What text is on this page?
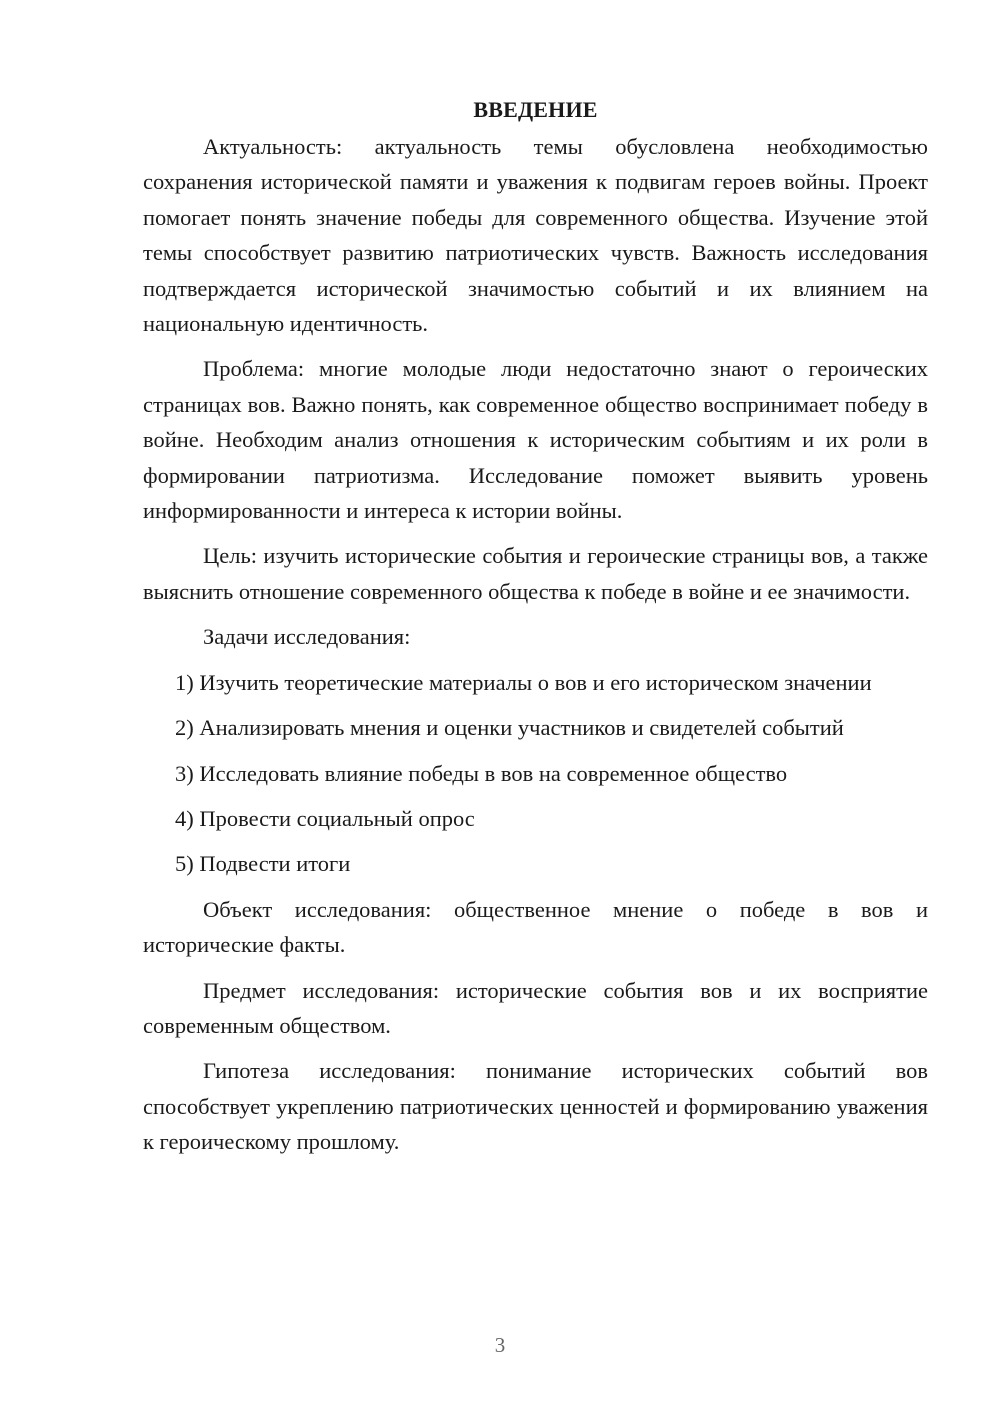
ВВЕДЕНИЕ

Актуальность: актуальность темы обусловлена необходимостью сохранения исторической памяти и уважения к подвигам героев войны. Проект помогает понять значение победы для современного общества. Изучение этой темы способствует развитию патриотических чувств. Важность исследования подтверждается исторической значимостью событий и их влиянием на национальную идентичность.

Проблема: многие молодые люди недостаточно знают о героических страницах вов. Важно понять, как современное общество воспринимает победу в войне. Необходим анализ отношения к историческим событиям и их роли в формировании патриотизма. Исследование поможет выявить уровень информированности и интереса к истории войны.

Цель: изучить исторические события и героические страницы вов, а также выяснить отношение современного общества к победе в войне и ее значимости.

Задачи исследования:

1) Изучить теоретические материалы о вов и его историческом значении

2) Анализировать мнения и оценки участников и свидетелей событий

3) Исследовать влияние победы в вов на современное общество

4) Провести социальный опрос

5) Подвести итоги

Объект исследования: общественное мнение о победе в вов и исторические факты.

Предмет исследования: исторические события вов и их восприятие современным обществом.

Гипотеза исследования: понимание исторических событий вов способствует укреплению патриотических ценностей и формированию уважения к героическому прошлому.

3
